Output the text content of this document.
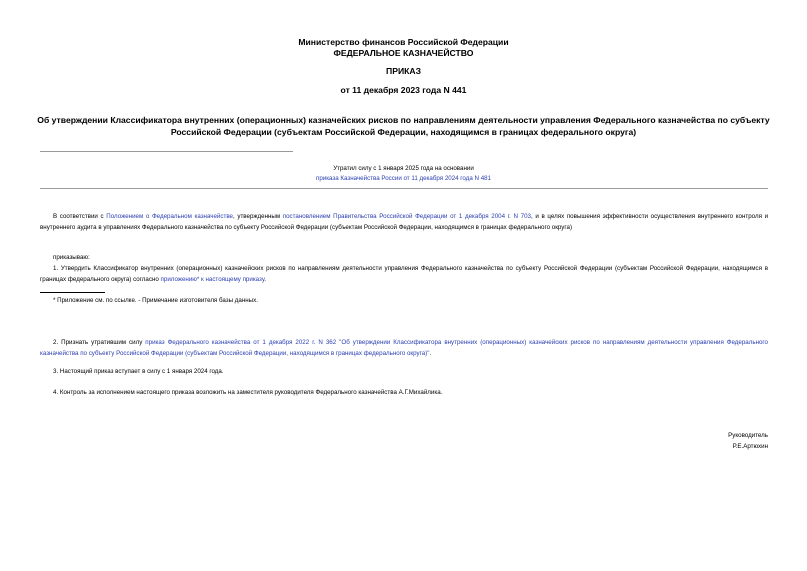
Министерство финансов Российской Федерации
ФЕДЕРАЛЬНОЕ КАЗНАЧЕЙСТВО
ПРИКАЗ
от 11 декабря 2023 года N 441
Об утверждении Классификатора внутренних (операционных) казначейских рисков по направлениям деятельности управления Федерального казначейства по субъекту Российской Федерации (субъектам Российской Федерации, находящимся в границах федерального округа)
Утратил силу с 1 января 2025 года на основании
приказа Казначейства России от 11 декабря 2024 года N 481
В соответствии с Положением о Федеральном казначействе, утвержденным постановлением Правительства Российской Федерации от 1 декабря 2004 г. N 703, и в целях повышения эффективности осуществления внутреннего контроля и внутреннего аудита в управлениях Федерального казначейства по субъекту Российской Федерации (субъектам Российской Федерации, находящимся в границах федерального округа)
приказываю:
1. Утвердить Классификатор внутренних (операционных) казначейских рисков по направлениям деятельности управления Федерального казначейства по субъекту Российской Федерации (субъектам Российской Федерации, находящимся в границах федерального округа) согласно приложению* к настоящему приказу.
* Приложение см. по ссылке. - Примечание изготовителя базы данных.
2. Признать утратившим силу приказ Федерального казначейства от 1 декабря 2022 г. N 362 "Об утверждении Классификатора внутренних (операционных) казначейских рисков по направлениям деятельности управления Федерального казначейства по субъекту Российской Федерации (субъектам Российской Федерации, находящимся в границах федерального округа)".
3. Настоящий приказ вступает в силу с 1 января 2024 года.
4. Контроль за исполнением настоящего приказа возложить на заместителя руководителя Федерального казначейства А.Г.Михайлика.
Руководитель
Р.Е.Артюхин
